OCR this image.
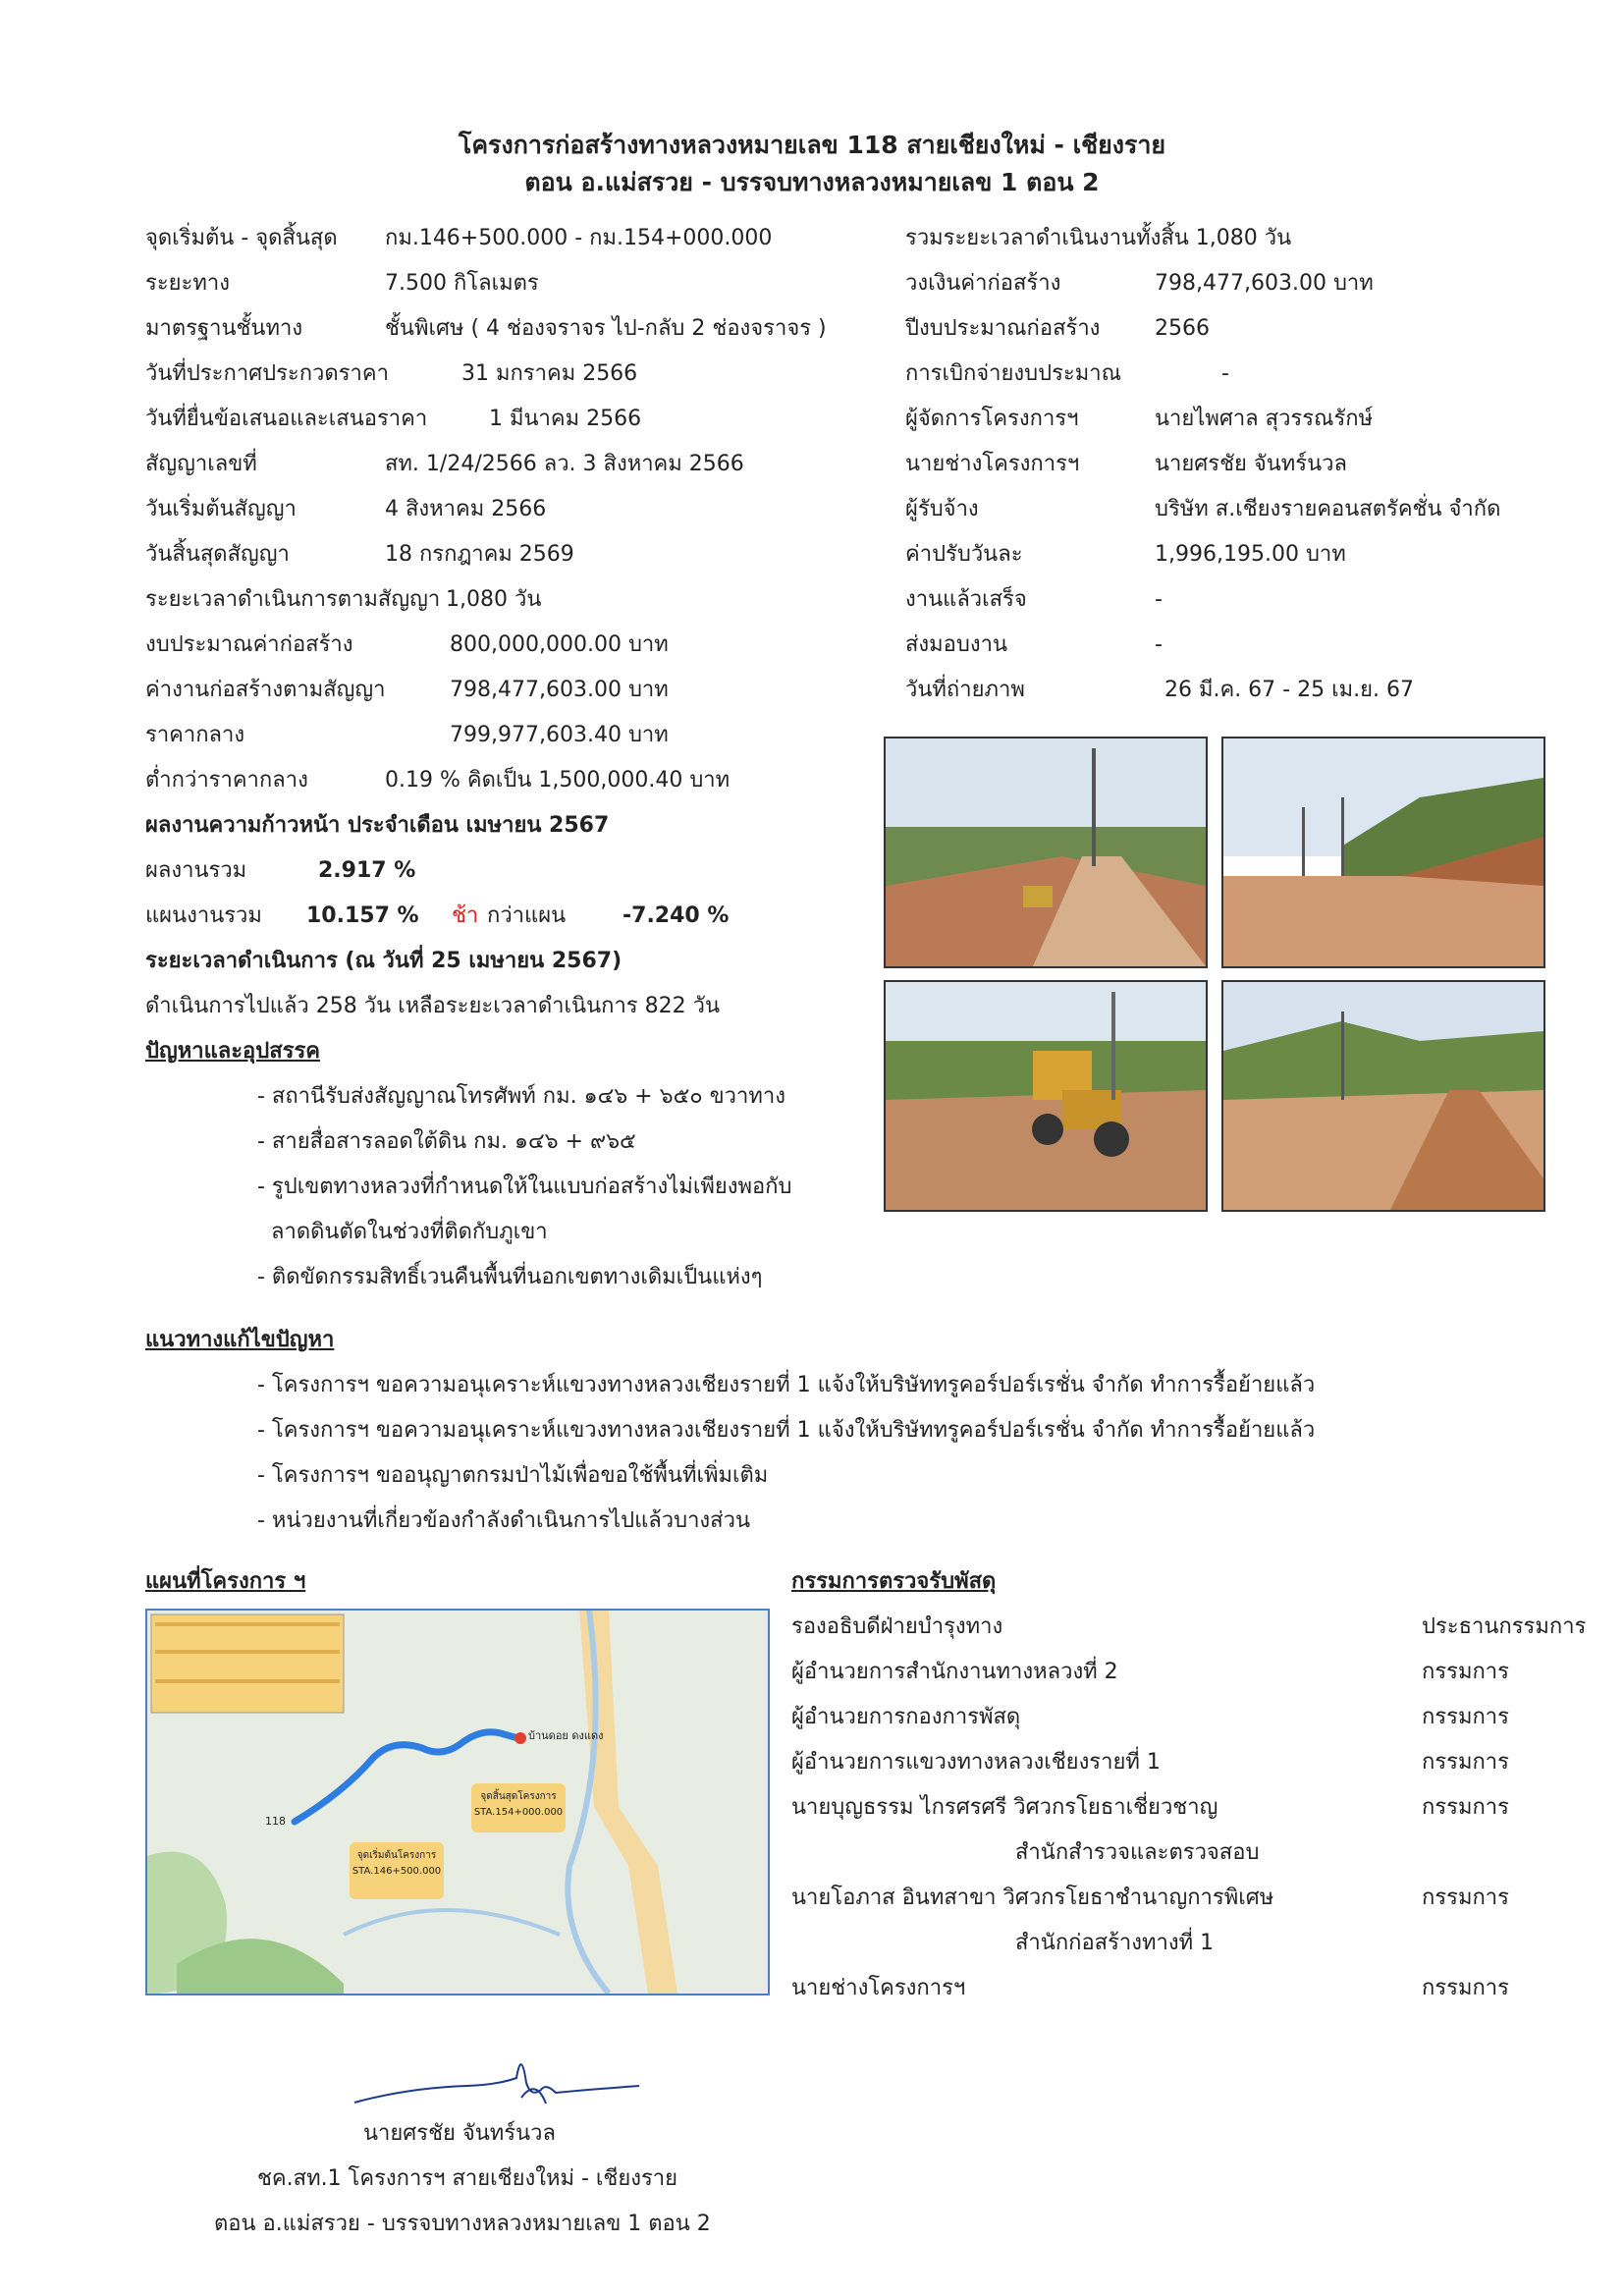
โครงการก่อสร้างทางหลวงหมายเลข 118 สายเชียงใหม่ - เชียงราย
ตอน อ.แม่สรวย - บรรจบทางหลวงหมายเลข 1 ตอน 2
จุดเริ่มต้น - จุดสิ้นสุด กม.146+500.000 - กม.154+000.000
ระยะทาง	7.500 กิโลเมตร
มาตรฐานชั้นทาง	ชั้นพิเศษ ( 4 ช่องจราจร ไป-กลับ 2 ช่องจราจร )
วันที่ประกาศประกวดราคา	31 มกราคม 2566
วันที่ยื่นข้อเสนอและเสนอราคา	1 มีนาคม 2566
สัญญาเลขที่	สท. 1/24/2566 ลว. 3 สิงหาคม 2566
วันเริ่มต้นสัญญา	4 สิงหาคม 2566
วันสิ้นสุดสัญญา	18 กรกฎาคม 2569
ระยะเวลาดำเนินการตามสัญญา 1,080 วัน
งบประมาณค่าก่อสร้าง	800,000,000.00 บาท
ค่างานก่อสร้างตามสัญญา	798,477,603.00 บาท
ราคากลาง	799,977,603.40 บาท
ต่ำกว่าราคากลาง	0.19 % คิดเป็น 1,500,000.40 บาท
รวมระยะเวลาดำเนินงานทั้งสิ้น 1,080 วัน
วงเงินค่าก่อสร้าง	798,477,603.00 บาท
ปีงบประมาณก่อสร้าง	2566
การเบิกจ่ายงบประมาณ	-
ผู้จัดการโครงการฯ	นายไพศาล สุวรรณรักษ์
นายช่างโครงการฯ	นายศรชัย จันทร์นวล
ผู้รับจ้าง	บริษัท ส.เชียงรายคอนสตรัคชั่น จำกัด
ค่าปรับวันละ	1,996,195.00 บาท
งานแล้วเสร็จ	-
ส่งมอบงาน	-
วันที่ถ่ายภาพ	26 มี.ค. 67 - 25 เม.ย. 67
ผลงานความก้าวหน้า ประจำเดือน เมษายน 2567
ผลงานรวม	2.917 %
แผนงานรวม 10.157 % ช้า กว่าแผน	-7.240 %
ระยะเวลาดำเนินการ (ณ วันที่ 25 เมษายน 2567)
ดำเนินการไปแล้ว 258 วัน เหลือระยะเวลาดำเนินการ 822 วัน
ปัญหาและอุปสรรค
- สถานีรับส่งสัญญาณโทรศัพท์ กม. ๑๔๖ + ๖๕๐ ขวาทาง
- สายสื่อสารลอดใต้ดิน กม. ๑๔๖ + ๙๖๕
- รูปเขตทางหลวงที่กำหนดให้ในแบบก่อสร้างไม่เพียงพอกับ
ลาดดินตัดในช่วงที่ติดกับภูเขา
- ติดขัดกรรมสิทธิ์เวนคืนพื้นที่นอกเขตทางเดิมเป็นแห่งๆ
แนวทางแก้ไขปัญหา
- โครงการฯ ขอความอนุเคราะห์แขวงทางหลวงเชียงรายที่ 1 แจ้งให้บริษัททรูคอร์ปอร์เรชั่น จำกัด ทำการรื้อย้ายแล้ว
- โครงการฯ ขอความอนุเคราะห์แขวงทางหลวงเชียงรายที่ 1 แจ้งให้บริษัททรูคอร์ปอร์เรชั่น จำกัด ทำการรื้อย้ายแล้ว
- โครงการฯ ขออนุญาตกรมป่าไม้เพื่อขอใช้พื้นที่เพิ่มเติม
- หน่วยงานที่เกี่ยวข้องกำลังดำเนินการไปแล้วบางส่วน
แผนที่โครงการ ฯ
118
บ้านดอย ดงแดง
จุดเริ่มต้นโครงการ
STA.146+500.000
จุดสิ้นสุดโครงการ
STA.154+000.000
กรรมการตรวจรับพัสดุ
รองอธิบดีฝ่ายบำรุงทาง	ประธานกรรมการ
ผู้อำนวยการสำนักงานทางหลวงที่ 2	กรรมการ
ผู้อำนวยการกองการพัสดุ	กรรมการ
ผู้อำนวยการแขวงทางหลวงเชียงรายที่ 1	กรรมการ
นายบุญธรรม ไกรศรศรี วิศวกรโยธาเชี่ยวชาญ	กรรมการ
สำนักสำรวจและตรวจสอบ
นายโอภาส อินทสาขา วิศวกรโยธาชำนาญการพิเศษ	กรรมการ
สำนักก่อสร้างทางที่ 1
นายช่างโครงการฯ	กรรมการ
นายศรชัย จันทร์นวล
ชค.สท.1 โครงการฯ สายเชียงใหม่ - เชียงราย
ตอน อ.แม่สรวย - บรรจบทางหลวงหมายเลข 1 ตอน 2
